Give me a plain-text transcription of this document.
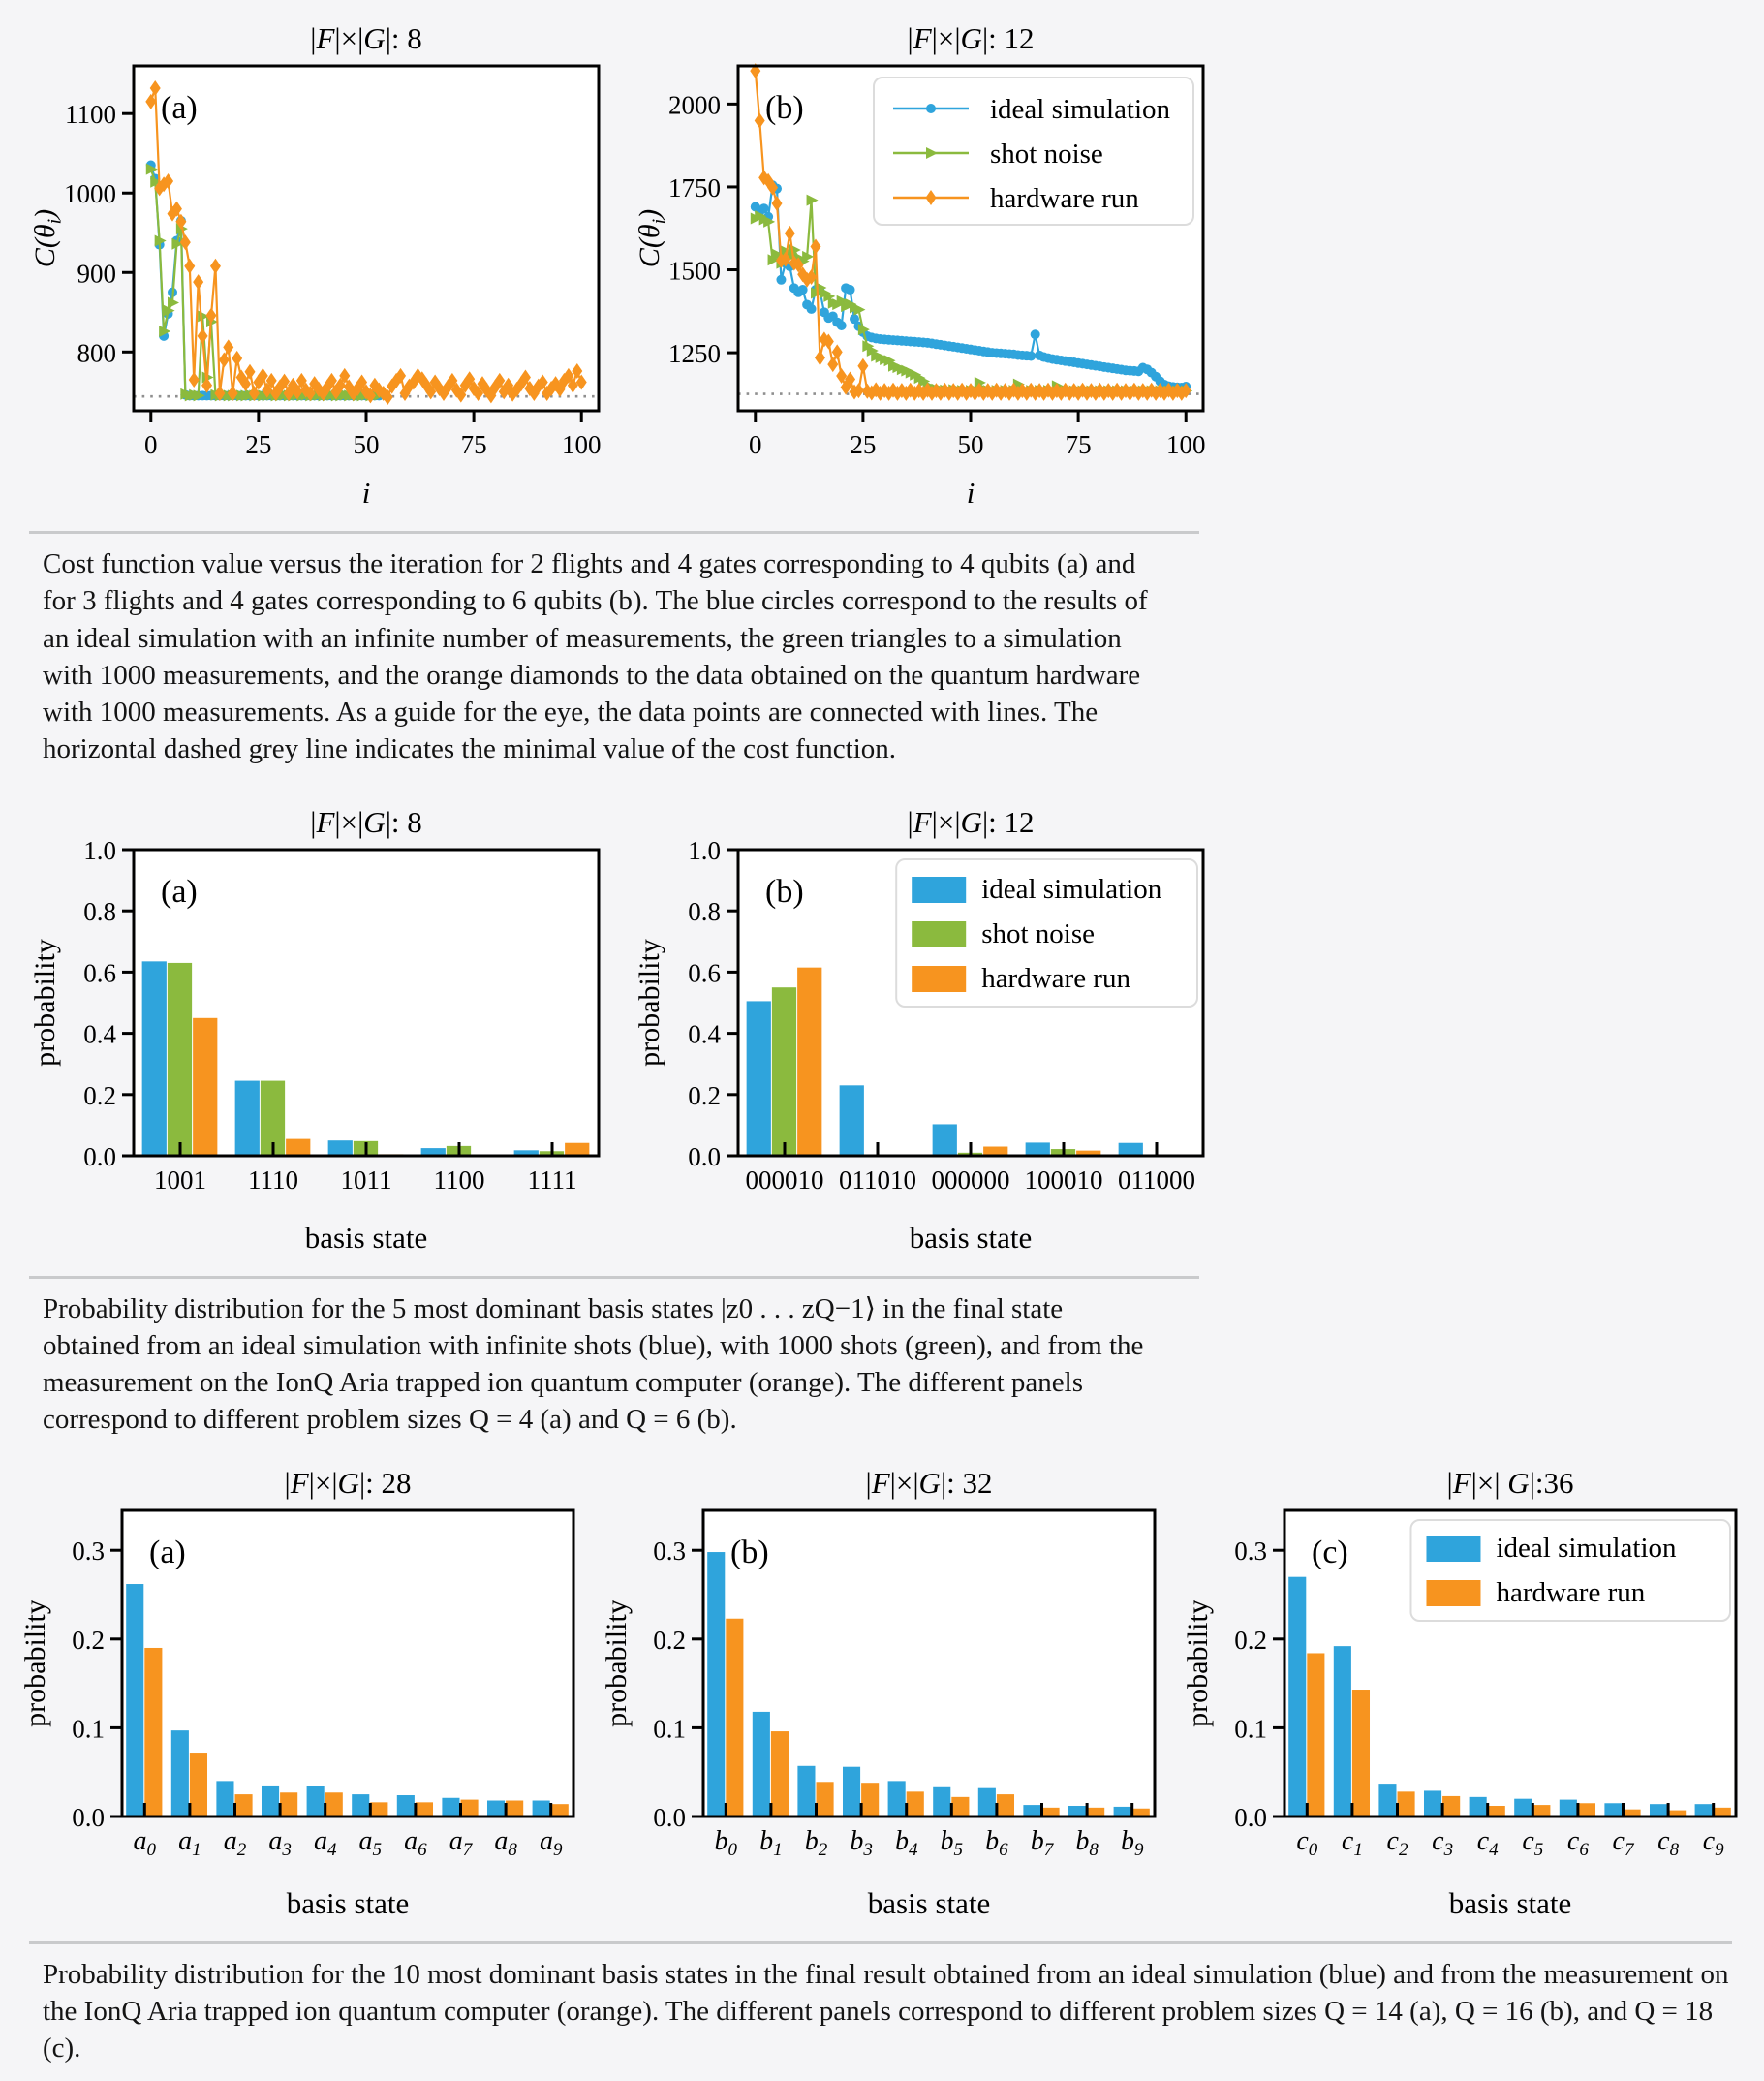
800
900
1000
1100
0	25	50	75	100
|F|×|G|: 8
(a)
$C(\theta_i)$
i
1250
1500
1750
2000
0	25	50	75	100
|F|×|G|: 12
(b)
$C(\theta_i)$
i
ideal simulation
shot noise
hardware run

Cost function value versus the iteration for 2 flights and 4 gates corresponding to 4 qubits (a) and for 3 flights and 4 gates corresponding to 6 qubits (b). The blue circles correspond to the results of an ideal simulation with an infinite number of measurements, the green triangles to a simulation with 1000 measurements, and the orange diamonds to the data obtained on the quantum hardware with 1000 measurements. As a guide for the eye, the data points are connected with lines. The horizontal dashed grey line indicates the minimal value of the cost function.

1001 1110 1011 1100 1111
0.0
0.2
0.4
0.6
0.8
1.0
|F|×|G|: 8
(a)
probability
basis state
000010 011010 000000 100010 011000
0.0
0.2
0.4
0.6
0.8
1.0
|F|×|G|: 12
(b)
probability
basis state
ideal simulation
shot noise
hardware run

Probability distribution for the 5 most dominant basis states |z0 . . . zQ−1⟩ in the final state obtained from an ideal simulation with infinite shots (blue), with 1000 shots (green), and from the measurement on the IonQ Aria trapped ion quantum computer (orange). The different panels correspond to different problem sizes Q = 4 (a) and Q = 6 (b).

$a_0$ $a_1$ $a_2$ $a_3$ $a_4$ $a_5$ $a_6$ $a_7$ $a_8$ $a_9$
0.0
0.1
0.2
0.3
|F|×|G|: 28
(a)
probability
basis state
$b_0$ $b_1$ $b_2$ $b_3$ $b_4$ $b_5$ $b_6$ $b_7$ $b_8$ $b_9$
0.0
0.1
0.2
0.3
|F|×|G|: 32
(b)
probability
basis state
$c_0$ $c_1$ $c_2$ $c_3$ $c_4$ $c_5$ $c_6$ $c_7$ $c_8$ $c_9$
0.0
0.1
0.2
0.3
|F|×| G|:36
(c)
probability
basis state
ideal simulation
hardware run

Probability distribution for the 10 most dominant basis states in the final result obtained from an ideal simulation (blue) and from the measurement on the IonQ Aria trapped ion quantum computer (orange). The different panels correspond to different problem sizes Q = 14 (a), Q = 16 (b), and Q = 18 (c).
